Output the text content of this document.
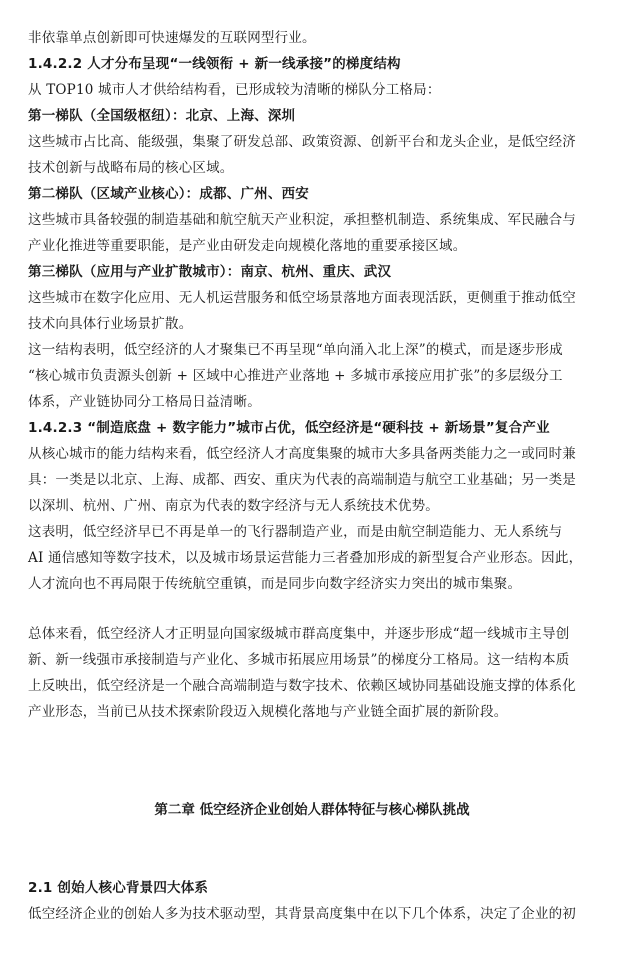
非依靠单点创新即可快速爆发的互联网型行业。
1.4.2.2 人才分布呈现“一线领衔 + 新一线承接”的梯度结构
从 TOP10 城市人才供给结构看，已形成较为清晰的梯队分工格局：
第一梯队（全国级枢纽）：北京、上海、深圳
这些城市占比高、能级强，集聚了研发总部、政策资源、创新平台和龙头企业，是低空经济
技术创新与战略布局的核心区域。
第二梯队（区域产业核心）：成都、广州、西安
这些城市具备较强的制造基础和航空航天产业积淀，承担整机制造、系统集成、军民融合与
产业化推进等重要职能，是产业由研发走向规模化落地的重要承接区域。
第三梯队（应用与产业扩散城市）：南京、杭州、重庆、武汉
这些城市在数字化应用、无人机运营服务和低空场景落地方面表现活跃，更侧重于推动低空
技术向具体行业场景扩散。
这一结构表明，低空经济的人才聚集已不再呈现“单向涌入北上深”的模式，而是逐步形成
“核心城市负责源头创新 + 区域中心推进产业落地 + 多城市承接应用扩张”的多层级分工
体系，产业链协同分工格局日益清晰。
1.4.2.3 “制造底盘 + 数字能力”城市占优，低空经济是“硬科技 + 新场景”复合产业
从核心城市的能力结构来看，低空经济人才高度集聚的城市大多具备两类能力之一或同时兼
具：一类是以北京、上海、成都、西安、重庆为代表的高端制造与航空工业基础；另一类是
以深圳、杭州、广州、南京为代表的数字经济与无人系统技术优势。
这表明，低空经济早已不再是单一的飞行器制造产业，而是由航空制造能力、无人系统与
AI 通信感知等数字技术，以及城市场景运营能力三者叠加形成的新型复合产业形态。因此，
人才流向也不再局限于传统航空重镇，而是同步向数字经济实力突出的城市集聚。
总体来看，低空经济人才正明显向国家级城市群高度集中，并逐步形成“超一线城市主导创
新、新一线强市承接制造与产业化、多城市拓展应用场景”的梯度分工格局。这一结构本质
上反映出，低空经济是一个融合高端制造与数字技术、依赖区域协同基础设施支撑的体系化
产业形态，当前已从技术探索阶段迈入规模化落地与产业链全面扩展的新阶段。
第二章 低空经济企业创始人群体特征与核心梯队挑战
2.1 创始人核心背景四大体系
低空经济企业的创始人多为技术驱动型，其背景高度集中在以下几个体系，决定了企业的初
